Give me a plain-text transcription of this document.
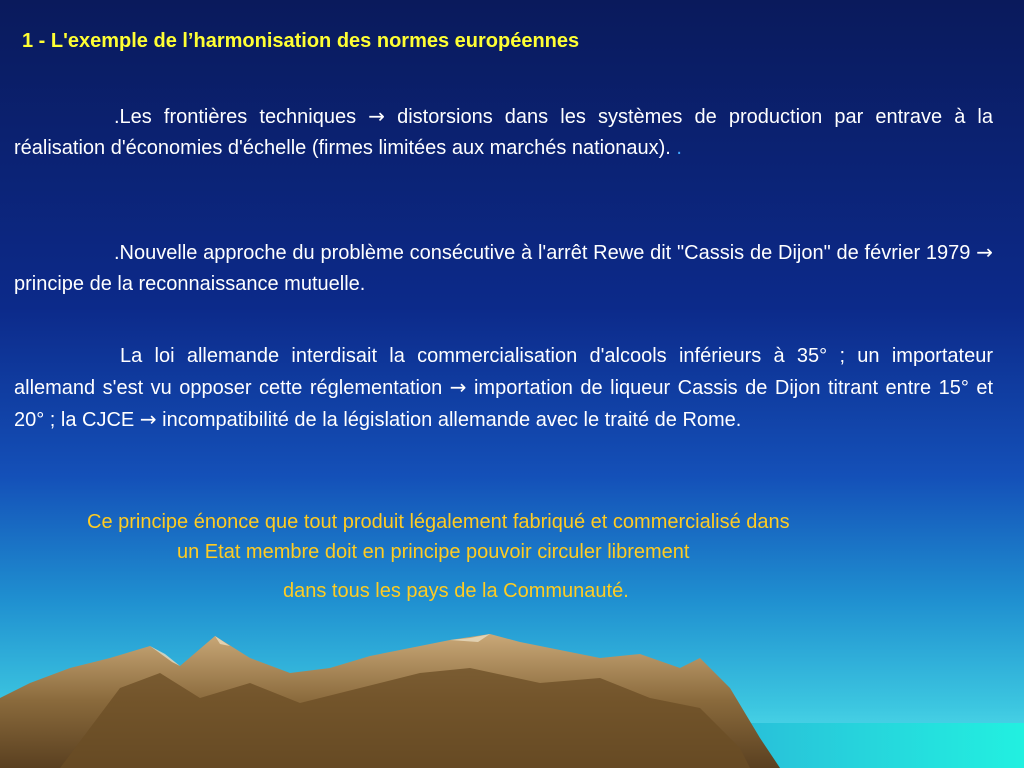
1 - L'exemple de l’harmonisation des normes européennes
.Les frontières techniques → distorsions dans les systèmes de production par entrave à la réalisation d'économies d'échelle (firmes limitées aux marchés nationaux). .
.Nouvelle approche du problème consécutive à l'arrêt Rewe dit "Cassis de Dijon" de février 1979 → principe de la reconnaissance mutuelle.
La loi allemande interdisait la commercialisation d'alcools inférieurs à 35° ; un importateur allemand s'est vu opposer cette réglementation → importation de liqueur Cassis de Dijon titrant entre 15° et 20° ; la CJCE → incompatibilité de la législation allemande avec le traité de Rome.
Ce principe énonce que tout produit légalement fabriqué et commercialisé dans
un Etat membre doit en principe pouvoir circuler librement
dans tous les pays de la Communauté.
